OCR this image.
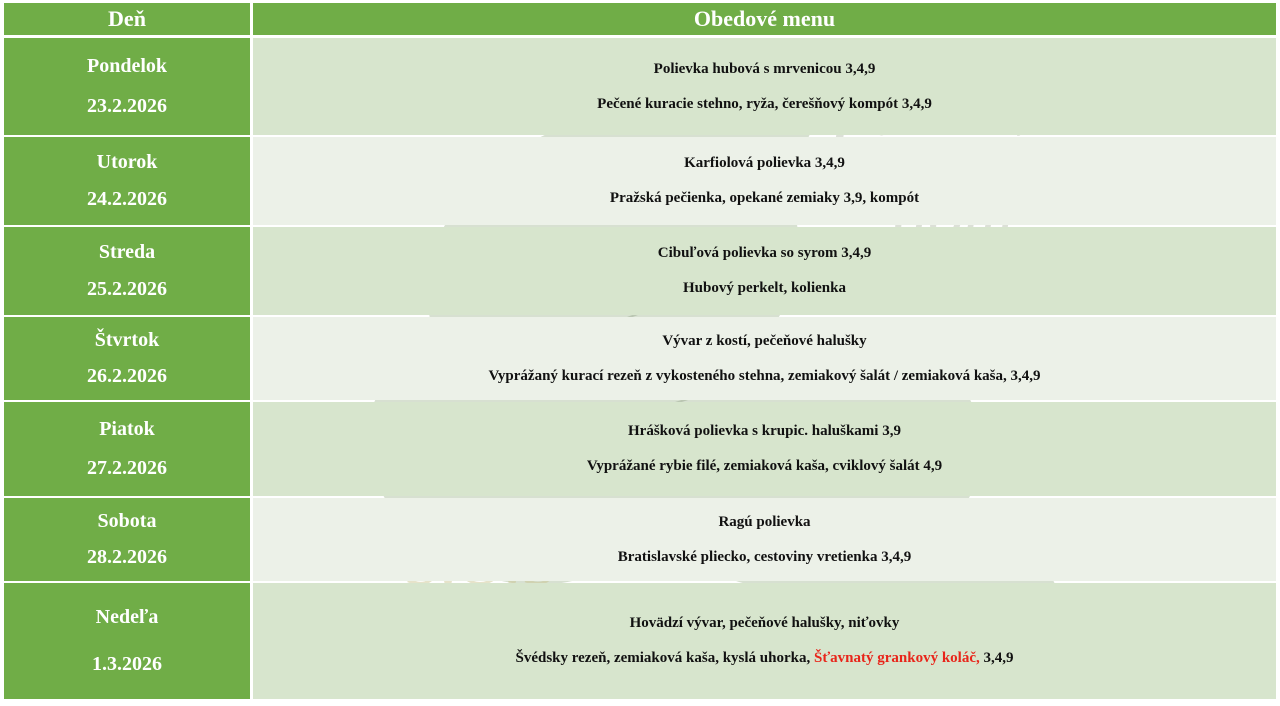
Deň	Obedové menu
Pondelok
23.2.2026
Polievka hubová s mrvenicou 3,4,9
Pečené kuracie stehno, ryža, čerešňový kompót 3,4,9
Utorok
24.2.2026
Karfiolová polievka 3,4,9
Pražská pečienka, opekané zemiaky 3,9, kompót
Streda
25.2.2026
Cibuľová polievka so syrom 3,4,9
Hubový perkelt, kolienka
Štvrtok
26.2.2026
Vývar z kostí, pečeňové halušky
Vyprážaný kurací rezeň z vykosteného stehna, zemiakový šalát / zemiaková kaša, 3,4,9
Piatok
27.2.2026
Hrášková polievka s krupic. haluškami 3,9
Vyprážané rybie filé, zemiaková kaša, cviklový šalát 4,9
Sobota
28.2.2026
Ragú polievka
Bratislavské pliecko, cestoviny vretienka 3,4,9
Nedeľa
1.3.2026
Hovädzí vývar, pečeňové halušky, niťovky
Švédsky rezeň, zemiaková kaša, kyslá uhorka, Šťavnatý grankový koláč, 3,4,9
